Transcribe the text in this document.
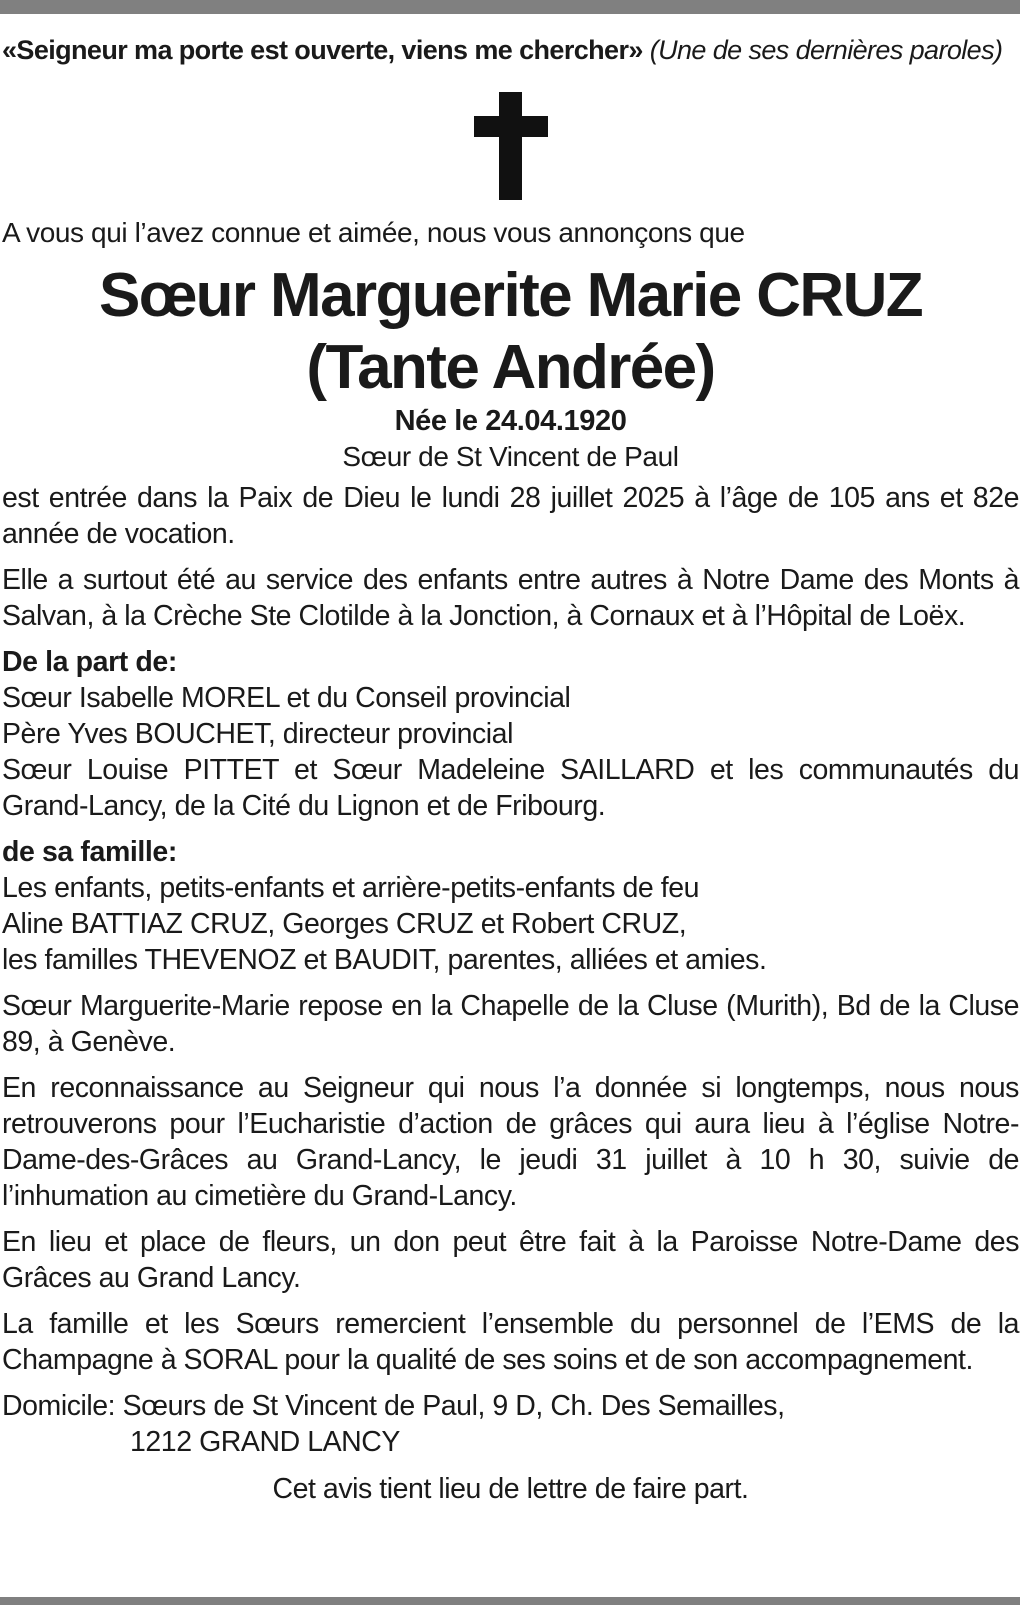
«Seigneur ma porte est ouverte, viens me chercher» (Une de ses dernières paroles)

A vous qui l’avez connue et aimée, nous vous annonçons que

Sœur Marguerite Marie CRUZ
(Tante Andrée)

Née le 24.04.1920

Sœur de St Vincent de Paul

est entrée dans la Paix de Dieu le lundi 28 juillet 2025 à l’âge de 105 ans et 82e année de vocation.

Elle a surtout été au service des enfants entre autres à Notre Dame des Monts à Salvan, à la Crèche Ste Clotilde à la Jonction, à Cornaux et à l’Hôpital de Loëx.

De la part de:

Sœur Isabelle MOREL et du Conseil provincial

Père Yves BOUCHET, directeur provincial

Sœur Louise PITTET et Sœur Madeleine SAILLARD et les communautés du Grand-Lancy, de la Cité du Lignon et de Fribourg.

de sa famille:

Les enfants, petits-enfants et arrière-petits-enfants de feu

Aline BATTIAZ CRUZ, Georges CRUZ et Robert CRUZ,

les familles THEVENOZ et BAUDIT, parentes, alliées et amies.

Sœur Marguerite-Marie repose en la Chapelle de la Cluse (Murith), Bd de la Cluse 89, à Genève.

En reconnaissance au Seigneur qui nous l’a donnée si longtemps, nous nous retrouverons pour l’Eucharistie d’action de grâces qui aura lieu à l’église Notre-Dame-des-Grâces au Grand-Lancy, le jeudi 31 juillet à 10 h 30, suivie de l’inhumation au cimetière du Grand-Lancy.

En lieu et place de fleurs, un don peut être fait à la Paroisse Notre-Dame des Grâces au Grand Lancy.

La famille et les Sœurs remercient l’ensemble du personnel de l’EMS de la Champagne à SORAL pour la qualité de ses soins et de son accompagnement.

Domicile: Sœurs de St Vincent de Paul, 9 D, Ch. Des Semailles,
1212 GRAND LANCY

Cet avis tient lieu de lettre de faire part.
